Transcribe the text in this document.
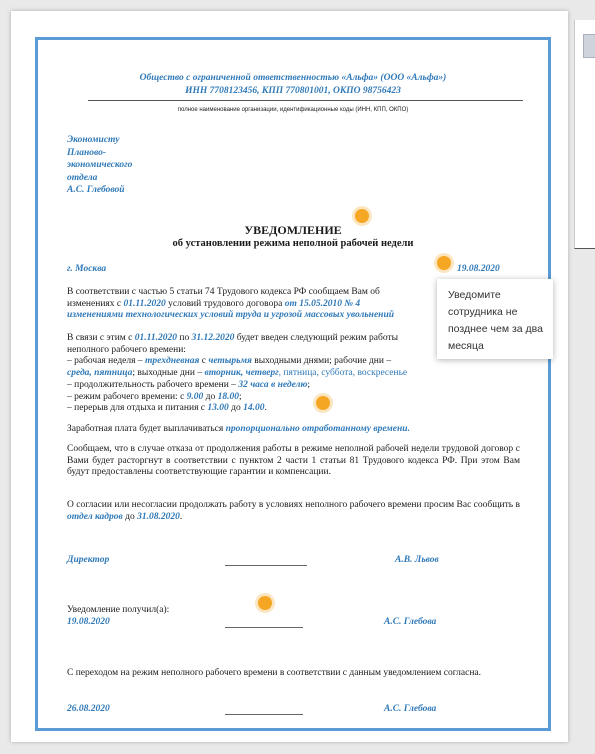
Общество с ограниченной ответственностью «Альфа» (ООО «Альфа»)

ИНН 7708123456, КПП 770801001, ОКПО 98756423

полное наименование организации, идентификационные коды (ИНН, КПП, ОКПО)

Экономисту
Планово-
экономического
отдела
А.С. Глебовой

УВЕДОМЛЕНИЕ

об установлении режима неполной рабочей недели

г. Москва	19.08.2020

В соответствии с частью 5 статьи 74 Трудового кодекса РФ сообщаем Вам об
изменениях с 01.11.2020 условий трудового договора от 15.05.2010 № 4
изменениями технологических условий труда и угрозой массовых увольнений
В связи с этим с 01.11.2020 по 31.12.2020 будет введен следующий режим работы
неполного рабочего времени:
– рабочая неделя – трехдневная с четырьмя выходными днями; рабочие дни –
среда, пятница; выходные дни – вторник, четверг, пятница, суббота, воскресенье
– продолжительность рабочего времени – 32 часа в неделю;
– режим рабочего времени: с 9.00 до 18.00;
– перерыв для отдыха и питания с 13.00 до 14.00.
Заработная плата будет выплачиваться пропорционально отработанному времени.
Сообщаем, что в случае отказа от продолжения работы в режиме неполной рабочей недели трудовой договор с Вами будет расторгнут в соответствии с пунктом 2 части 1 статьи 81 Трудового кодекса РФ. При этом Вам будут предоставлены соответствующие гарантии и компенсации.
О согласии или несогласии продолжать работу в условиях неполного рабочего времени просим Вас сообщить в отдел кадров до 31.08.2020.

Директор	А.В. Львов

Уведомление получил(а):

19.08.2020	А.С. Глебова

С переходом на режим неполного рабочего времени в соответствии с данным уведомлением согласна.

26.08.2020	А.С. Глебова

Уведомите сотрудника не позднее чем за два месяца
